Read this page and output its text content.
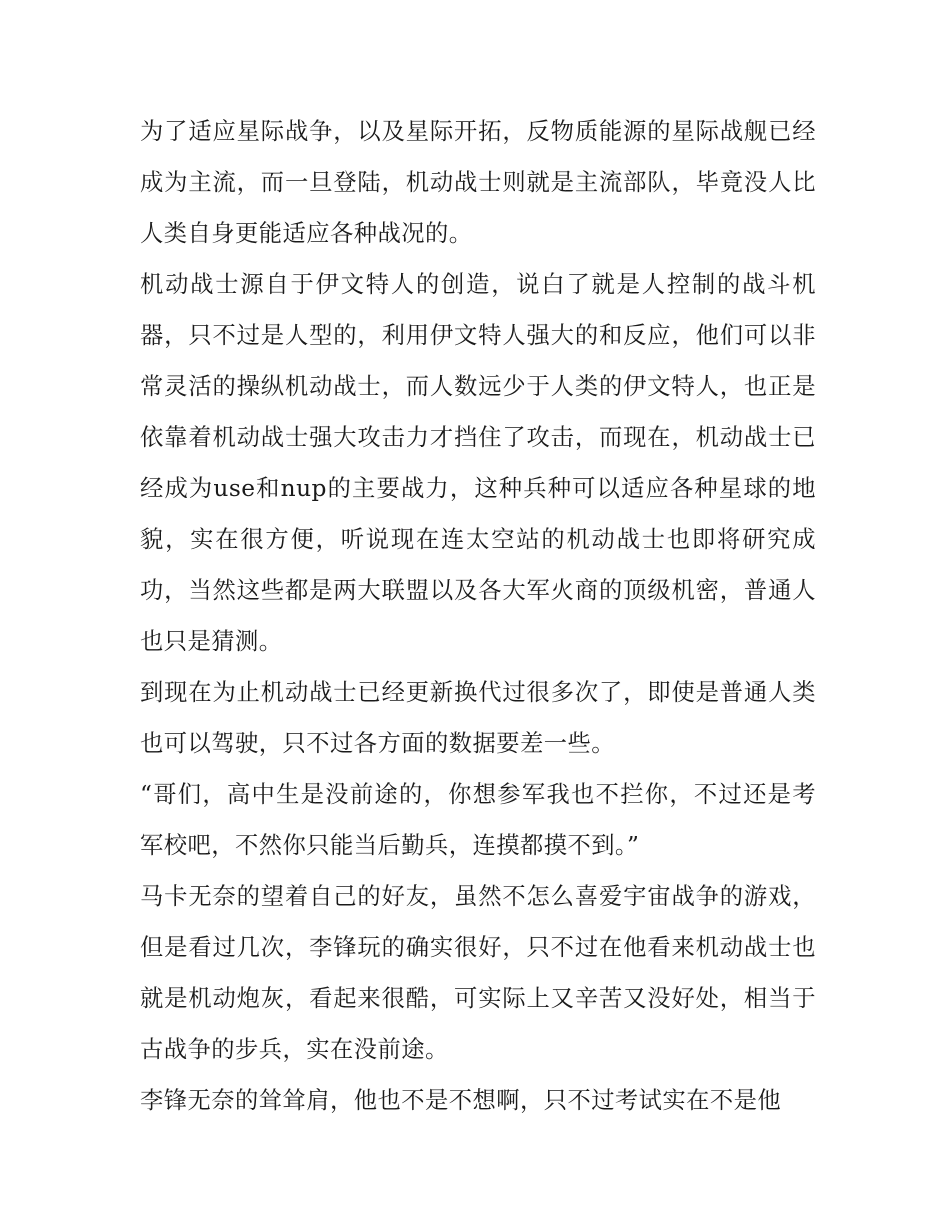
为了适应星际战争，以及星际开拓，反物质能源的星际战舰已经成为主流，而一旦登陆，机动战士则就是主流部队，毕竟没人比人类自身更能适应各种战况的。

机动战士源自于伊文特人的创造，说白了就是人控制的战斗机器，只不过是人型的，利用伊文特人强大的和反应，他们可以非常灵活的操纵机动战士，而人数远少于人类的伊文特人，也正是依靠着机动战士强大攻击力才挡住了攻击，而现在，机动战士已经成为use和nup的主要战力，这种兵种可以适应各种星球的地貌，实在很方便，听说现在连太空站的机动战士也即将研究成功，当然这些都是两大联盟以及各大军火商的顶级机密，普通人也只是猜测。

到现在为止机动战士已经更新换代过很多次了，即使是普通人类也可以驾驶，只不过各方面的数据要差一些。

“哥们，高中生是没前途的，你想参军我也不拦你，不过还是考军校吧，不然你只能当后勤兵，连摸都摸不到。”

马卡无奈的望着自己的好友，虽然不怎么喜爱宇宙战争的游戏，但是看过几次，李锋玩的确实很好，只不过在他看来机动战士也就是机动炮灰，看起来很酷，可实际上又辛苦又没好处，相当于古战争的步兵，实在没前途。

李锋无奈的耸耸肩，他也不是不想啊，只不过考试实在不是他
